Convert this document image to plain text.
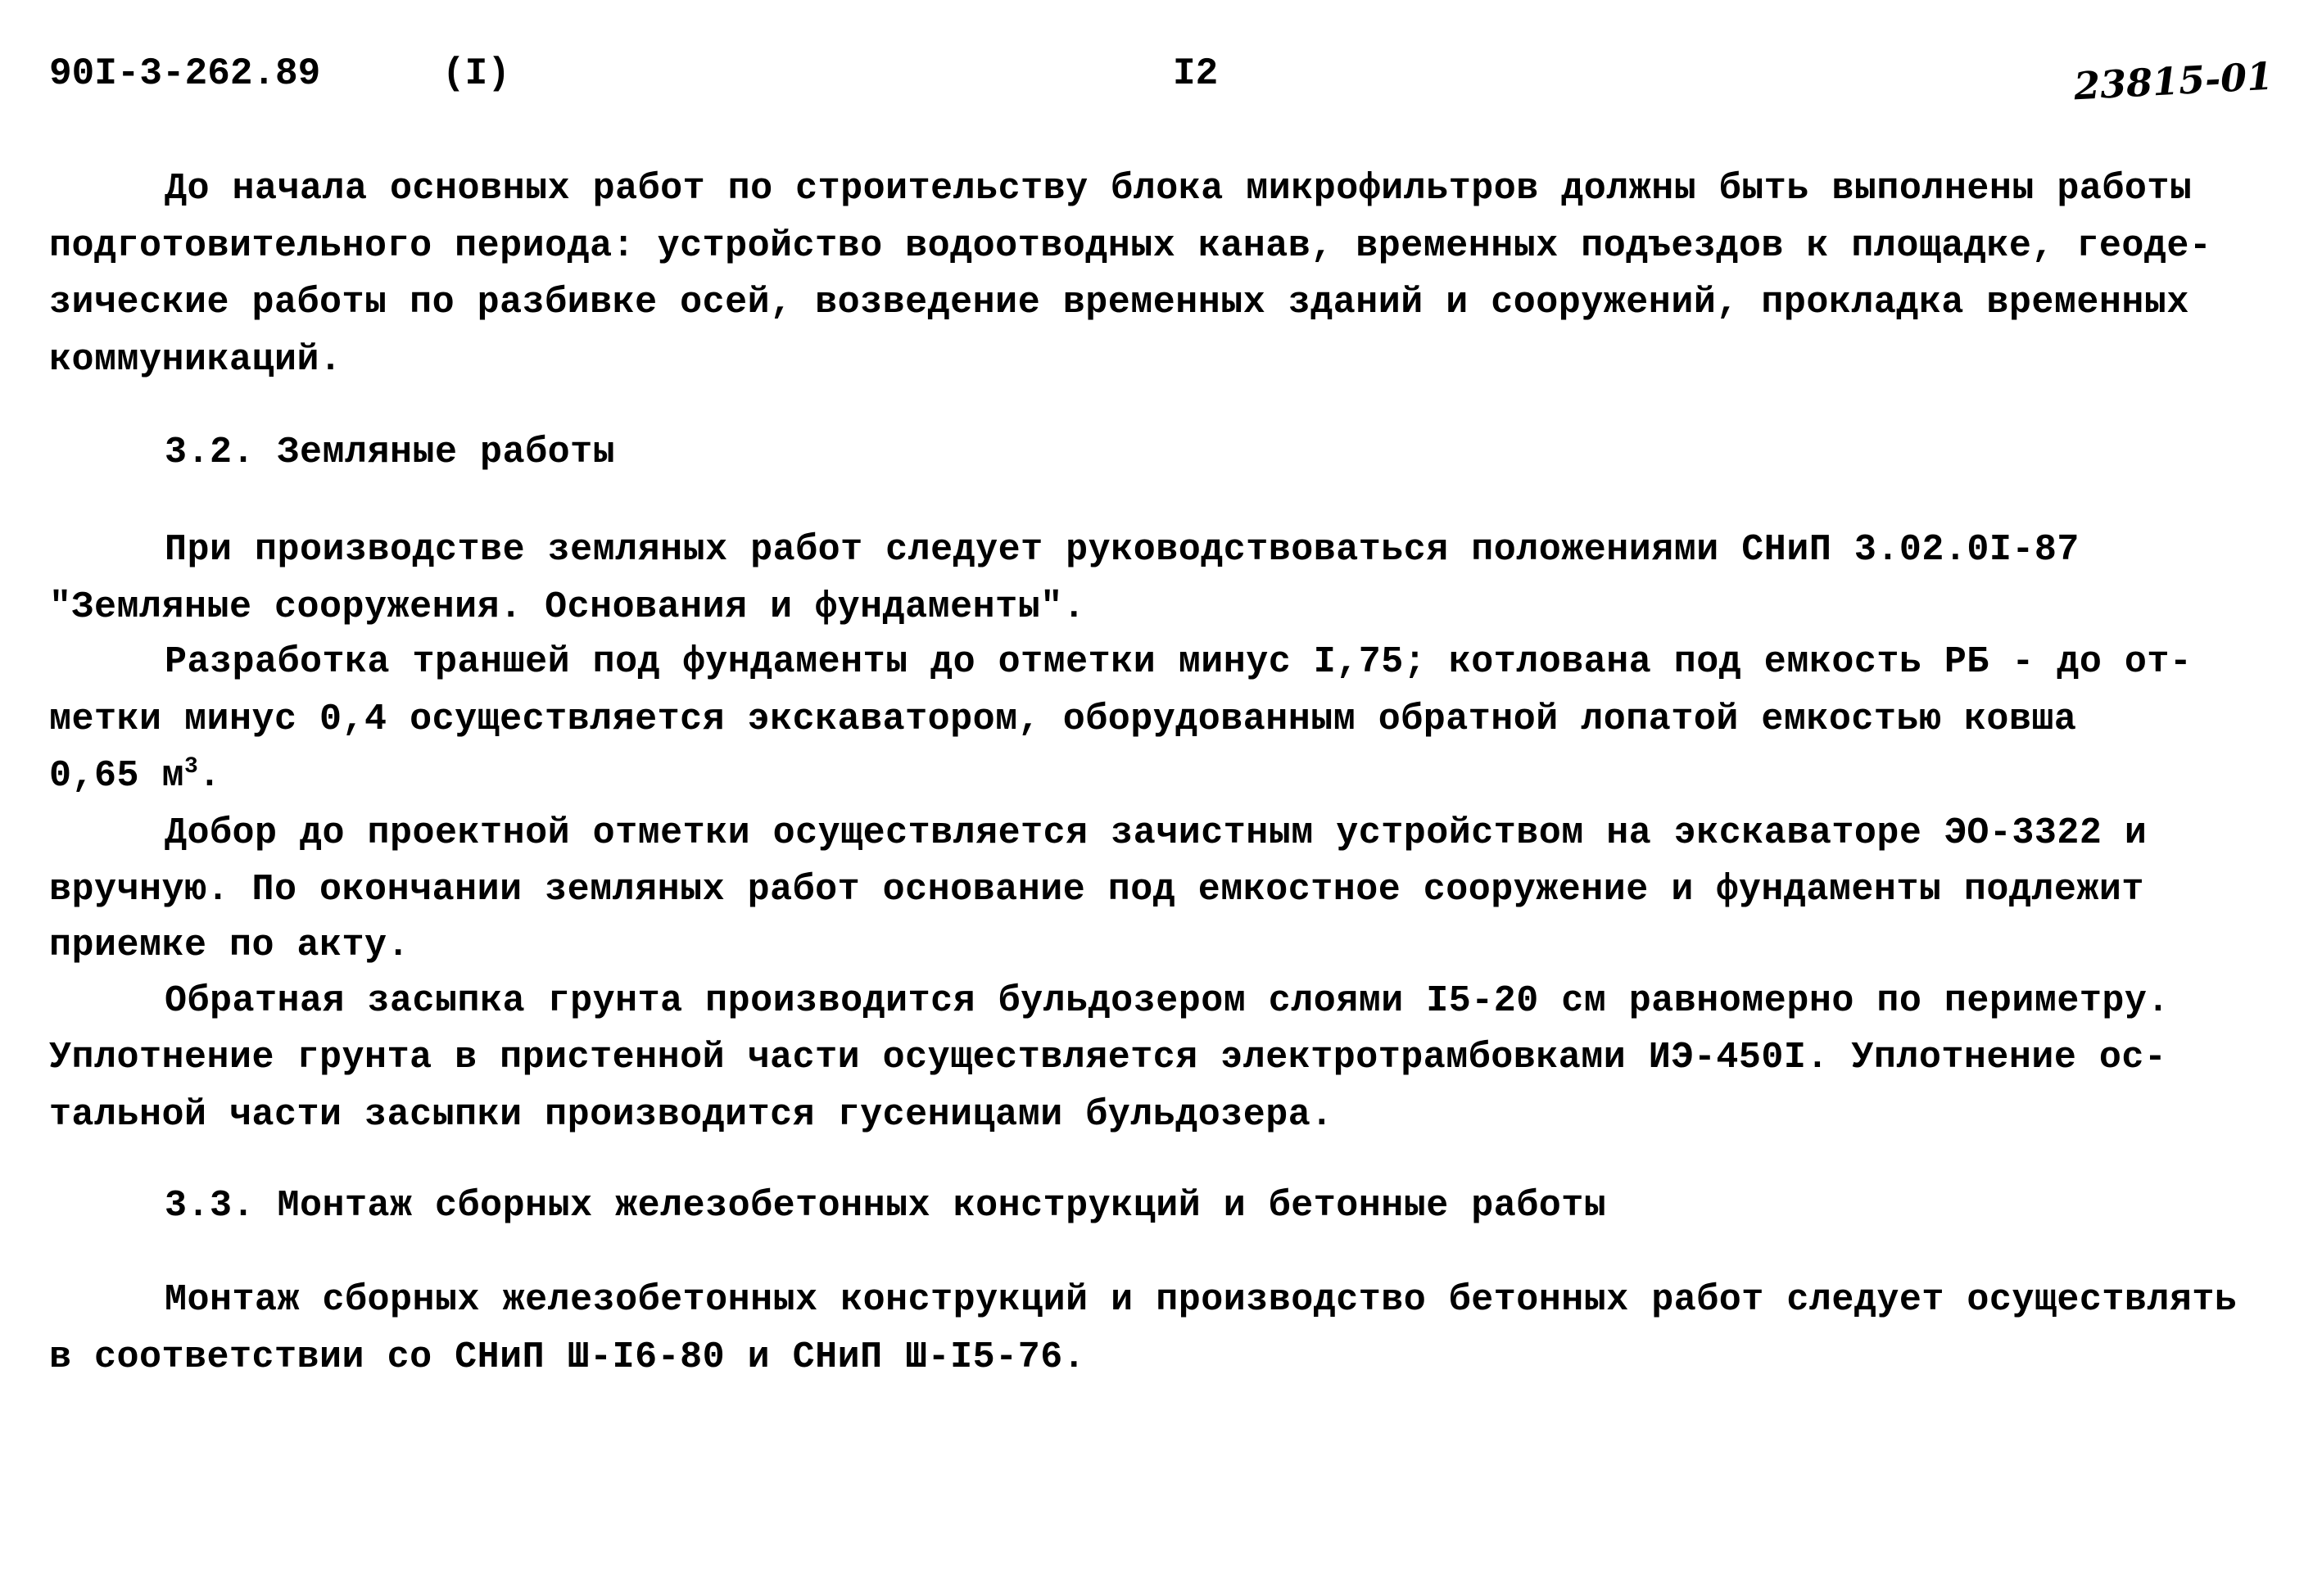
90I-3-262.89	(I)	I2	23815-01
До начала основных работ по строительству блока микрофильтров должны быть выполнены работы
подготовительного периода: устройство водоотводных канав, временных подъездов к площадке, геоде-
зические работы по разбивке осей, возведение временных зданий и сооружений, прокладка временных
коммуникаций.
3.2. Земляные работы
При производстве земляных работ следует руководствоваться положениями СНиП 3.02.0I-87
"Земляные сооружения. Основания и фундаменты".
Разработка траншей под фундаменты до отметки минус I,75; котлована под емкость РБ - до от-
метки минус 0,4 осуществляется экскаватором, оборудованным обратной лопатой емкостью ковша
0,65 $м^3$.
Добор до проектной отметки осуществляется зачистным устройством на экскаваторе ЭО-3322 и
вручную. По окончании земляных работ основание под емкостное сооружение и фундаменты подлежит
приемке по акту.
Обратная засыпка грунта производится бульдозером слоями I5-20 см равномерно по периметру.
Уплотнение грунта в пристенной части осуществляется электротрамбовками ИЭ-450I. Уплотнение ос-
тальной части засыпки производится гусеницами бульдозера.
3.3. Монтаж сборных железобетонных конструкций и бетонные работы
Монтаж сборных железобетонных конструкций и производство бетонных работ следует осуществлять
в соответствии со СНиП Ш-I6-80 и СНиП Ш-I5-76.
